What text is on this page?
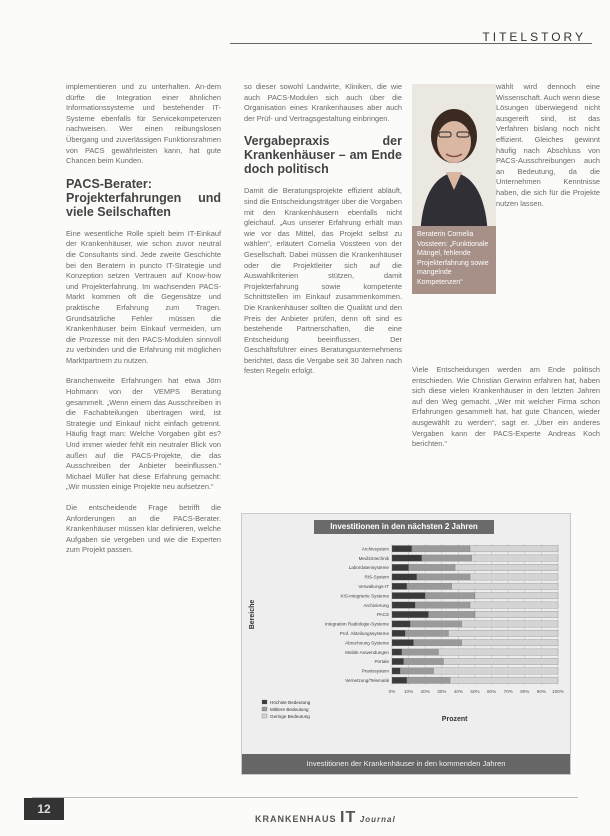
TITELSTORY

implementieren und zu unterhalten. An-dem dürfte die Integration einer ähnlichen Informationssysteme und bestehender IT-Systeme ebenfalls für Servicekompetenzen nachweisen. Wer einen reibungslosen Übergang und zuverlässigen Funktionsrahmen von PACS gewährleisten kann, hat gute Chancen beim Kunden.

PACS-Berater: Projekterfahrungen und viele Seilschaften

Eine wesentliche Rolle spielt beim IT-Einkauf der Krankenhäuser, wie schon zuvor neutral die Consultants sind. Jede zweite Geschichte bei den Beratern in puncto IT-Strategie und Konzeption setzen Vertrauen auf Know-how und Projekterfahrung. Im wachsenden PACS-Markt kommen oft die Gegensätze und praktische Erfahrung zum Tragen. Grundsätzliche Fehler müssen die Krankenhäuser beim Einkauf vermeiden, um die Prozesse mit den PACS-Modulen sinnvoll zu verbinden und die Erfahrung mit möglichen Marktpartnern zu nutzen.

Branchenweite Erfahrungen hat etwa Jörn Hohmann von der VEMPS Beratung gesammelt. „Wenn einem das Ausschreiben in die Fachabteilungen übertragen wird, ist Strategie und Einkauf nicht einfach getrennt. Häufig fragt man: Welche Vorgaben gibt es? Und immer wieder fehlt ein neutraler Blick von außen auf die PACS-Projekte, die das Ausschreiben der Anbieter beeinflussen.“ Michael Müller hat diese Erfahrung gemacht: „Wir mussten einige Projekte neu aufsetzen.“

Die entscheidende Frage betrifft die Anforderungen an die PACS-Berater. Krankenhäuser müssen klar definieren, welche Aufgaben sie vergeben und wie die Experten zum Projekt passen.

so dieser sowohl Landwirte, Kliniken, die wie auch PACS-Modulen sich auch über die Organisation eines Krankenhauses aber auch der Prüf- und Vertragsgestaltung einbringen.

Vergabepraxis der Krankenhäuser – am Ende doch politisch

Damit die Beratungsprojekte effizient abläuft, sind die Entscheidungsträger über die Vorgaben mit den Krankenhäusern ebenfalls nicht gleichauf. „Aus unserer Erfahrung erhält man wie vor das Mittel, das Projekt selbst zu wählen“, erläutert Cornelia Vossteen von der Gesellschaft. Dabei müssen die Krankenhäuser oder die Projektleiter sich auf die Auswahlkriterien stützen, damit Projekterfahrung sowie kompetente Schnittstellen im Einkauf zusammenkommen. Die Krankenhäuser sollten die Qualität und den Preis der Anbieter prüfen, denn oft sind es bestehende Partnerschaften, die eine Entscheidung beeinflussen. Der Geschäftsführer eines Beratungsunternehmens berichtet, dass die Vergabe seit 30 Jahren nach festen Regeln erfolgt.

Beraterin Cornelia Vossteen: „Funktionale Mängel, fehlende Projekterfahrung sowie mangelnde Kompetenzen“

wählt wird dennoch eine Wissenschaft. Auch wenn diese Lösungen überwiegend nicht ausgereift sind, ist das Verfahren bislang noch nicht effizient. Gleiches gewinnt häufig nach Abschluss von PACS-Ausschreibungen auch an Bedeutung, da die Unternehmen Kenntnisse haben, die sich für die Projekte nutzen lassen.

Viele Entscheidungen werden am Ende politisch entschieden. Wie Christian Gerwinn erfahren hat, haben sich diese vielen Krankenhäuser in den letzten Jahren auf den Weg gemacht. „Wer mit welcher Firma schon Erfahrungen gesammelt hat, hat gute Chancen, wieder ausgewählt zu werden“, sagt er. „Über ein anderes Vergaben kann der PACS-Experte Andreas Koch berichten.“

Investitionen in den nächsten 2 Jahren
0% 10% 20% 30% 40% 50% 60% 70% 80% 90% 100%
Bereiche
Archivsystem
Medizintechnik
Labordatensysteme
RIS-System
Verwaltungs-IT
KIS-integrierte Systeme
Archivierung
PACS
Integration Radiologie-Systeme
Prof. Abteilungssysteme
Abrechnung Systeme
Mobile Anwendungen
Portale
Praxissystem
Vernetzung/Telematik
Höchste Bedeutung
Mittlere Bedeutung
Geringe Bedeutung	Prozent
Investitionen der Krankenhäuser in den kommenden Jahren
12
KRANKENHAUS IT Journal
